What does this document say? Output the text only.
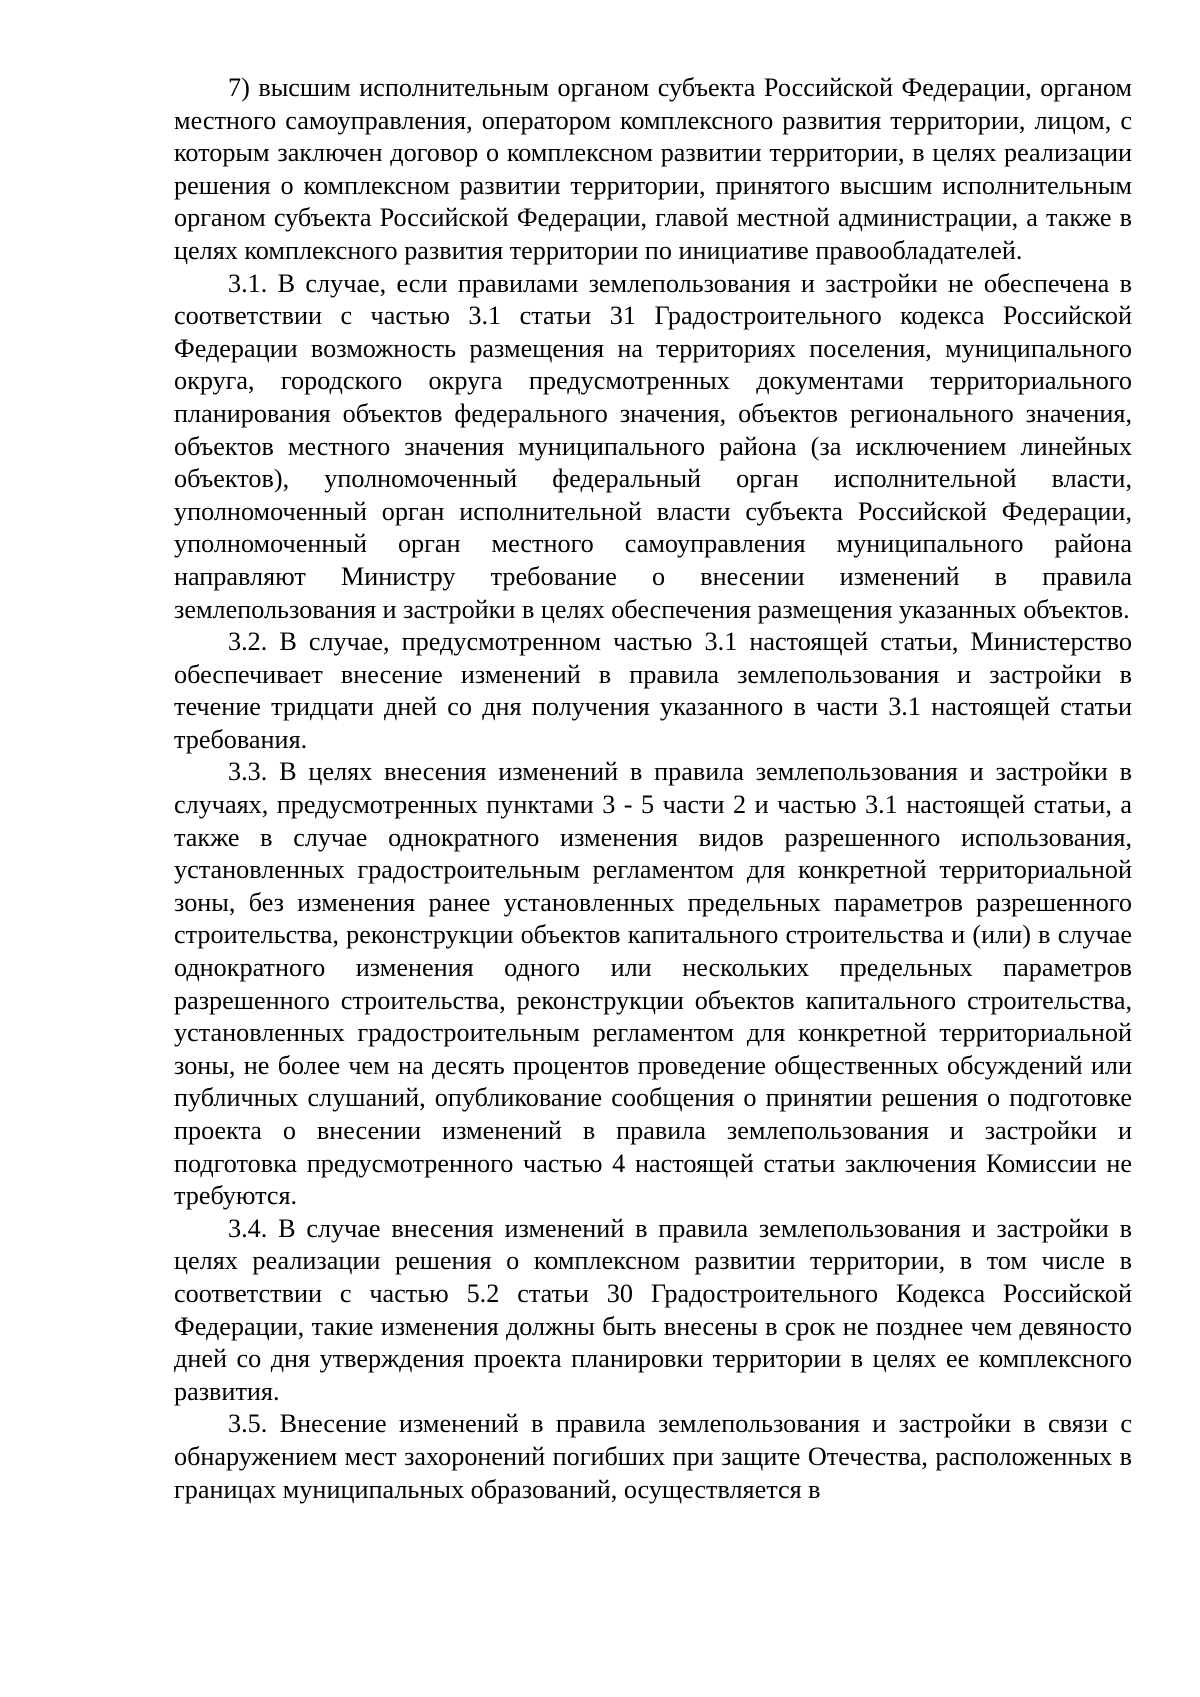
7) высшим исполнительным органом субъекта Российской Федерации, органом местного самоуправления, оператором комплексного развития территории, лицом, с которым заключен договор о комплексном развитии территории, в целях реализации решения о комплексном развитии территории, принятого высшим исполнительным органом субъекта Российской Федерации, главой местной администрации, а также в целях комплексного развития территории по инициативе правообладателей.

3.1. В случае, если правилами землепользования и застройки не обеспечена в соответствии с частью 3.1 статьи 31 Градостроительного кодекса Российской Федерации возможность размещения на территориях поселения, муниципального округа, городского округа предусмотренных документами территориального планирования объектов федерального значения, объектов регионального значения, объектов местного значения муниципального района (за исключением линейных объектов), уполномоченный федеральный орган исполнительной власти, уполномоченный орган исполнительной власти субъекта Российской Федерации, уполномоченный орган местного самоуправления муниципального района направляют Министру требование о внесении изменений в правила землепользования и застройки в целях обеспечения размещения указанных объектов.

3.2. В случае, предусмотренном частью 3.1 настоящей статьи, Министерство обеспечивает внесение изменений в правила землепользования и застройки в течение тридцати дней со дня получения указанного в части 3.1 настоящей статьи требования.

3.3. В целях внесения изменений в правила землепользования и застройки в случаях, предусмотренных пунктами 3 - 5 части 2 и частью 3.1 настоящей статьи, а также в случае однократного изменения видов разрешенного использования, установленных градостроительным регламентом для конкретной территориальной зоны, без изменения ранее установленных предельных параметров разрешенного строительства, реконструкции объектов капитального строительства и (или) в случае однократного изменения одного или нескольких предельных параметров разрешенного строительства, реконструкции объектов капитального строительства, установленных градостроительным регламентом для конкретной территориальной зоны, не более чем на десять процентов проведение общественных обсуждений или публичных слушаний, опубликование сообщения о принятии решения о подготовке проекта о внесении изменений в правила землепользования и застройки и подготовка предусмотренного частью 4 настоящей статьи заключения Комиссии не требуются.

3.4. В случае внесения изменений в правила землепользования и застройки в целях реализации решения о комплексном развитии территории, в том числе в соответствии с частью 5.2 статьи 30 Градостроительного Кодекса Российской Федерации, такие изменения должны быть внесены в срок не позднее чем девяносто дней со дня утверждения проекта планировки территории в целях ее комплексного развития.

3.5. Внесение изменений в правила землепользования и застройки в связи с обнаружением мест захоронений погибших при защите Отечества, расположенных в границах муниципальных образований, осуществляется в
